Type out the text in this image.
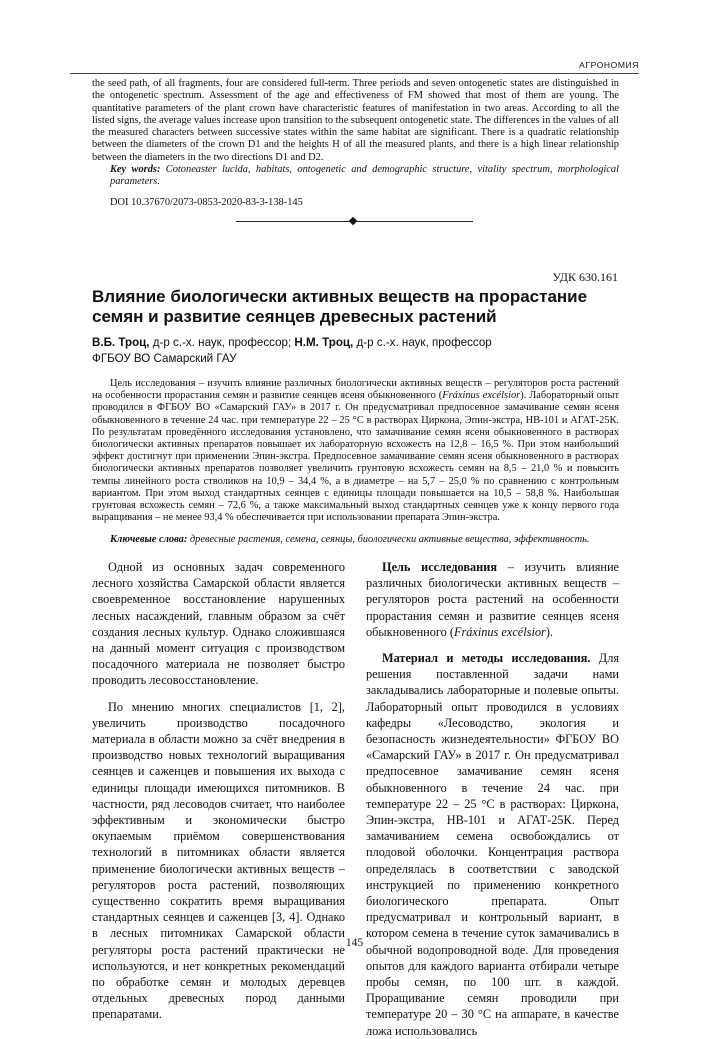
АГРОНОМИЯ

the seed path, of all fragments, four are considered full-term. Three periods and seven ontogenetic states are distinguished in the ontogenetic spectrum. Assessment of the age and effectiveness of FM showed that most of them are young. The quantitative parameters of the plant crown have characteristic features of manifestation in two areas. According to all the listed signs, the average values increase upon transition to the subsequent ontogenetic state. The differences in the values of all the measured characters between successive states within the same habitat are significant. There is a quadratic relationship between the diameters of the crown D1 and the heights H of all the measured plants, and there is a high linear relationship between the diameters in the two directions D1 and D2.

Key words: Cotoneaster lucida, habitats, ontogenetic and demographic structure, vitality spectrum, morphological parameters.

DOI 10.37670/2073-0853-2020-83-3-138-145

УДК 630.161
Влияние биологически активных веществ на прорастание семян и развитие сеянцев древесных растений
В.Б. Троц, д-р с.-х. наук, профессор; Н.М. Троц, д-р с.-х. наук, профессор
ФГБОУ ВО Самарский ГАУ

Цель исследования – изучить влияние различных биологически активных веществ – регуляторов роста растений на особенности прорастания семян и развитие сеянцев ясеня обыкновенного (Fráxinus excélsior). Лабораторный опыт проводился в ФГБОУ ВО «Самарский ГАУ» в 2017 г. Он предусматривал предпосевное замачивание семян ясеня обыкновенного в течение 24 час. при температуре 22 – 25 °C в растворах Циркона, Эпин-экстра, НВ-101 и АГАТ-25К. По результатам проведённого исследования установлено, что замачивание семян ясеня обыкновенного в растворах биологически активных препаратов повышает их лабораторную всхожесть на 12,8 – 16,5 %. При этом наибольший эффект достигнут при применении Эпин-экстра. Предпосевное замачивание семян ясеня обыкновенного в растворах биологически активных препаратов позволяет увеличить грунтовую всхожесть семян на 8,5 – 21,0 % и повысить темпы линейного роста стволиков на 10,9 – 34,4 %, а в диаметре – на 5,7 – 25,0 % по сравнению с контрольным вариантом. При этом выход стандартных сеянцев с единицы площади повышается на 10,5 – 58,8 %. Наибольшая грунтовая всхожесть семян – 72,6 %, а также максимальный выход стандартных сеянцев уже к концу первого года выращивания – не менее 93,4 % обеспечивается при использовании препарата Эпин-экстра.

Ключевые слова: древесные растения, семена, сеянцы, биологически активные вещества, эффективность.

Одной из основных задач современного лесного хозяйства Самарской области является своевременное восстановление нарушенных лесных насаждений, главным образом за счёт создания лесных культур. Однако сложившаяся на данный момент ситуация с производством посадочного материала не позволяет быстро проводить лесовосстановление.

По мнению многих специалистов [1, 2], увеличить производство посадочного материала в области можно за счёт внедрения в производство новых технологий выращивания сеянцев и саженцев и повышения их выхода с единицы площади имеющихся питомников. В частности, ряд лесоводов считает, что наиболее эффективным и экономически быстро окупаемым приёмом совершенствования технологий в питомниках области является применение биологически активных веществ – регуляторов роста растений, позволяющих существенно сократить время выращивания стандартных сеянцев и саженцев [3, 4]. Однако в лесных питомниках Самарской области регуляторы роста растений практически не используются, и нет конкретных рекомендаций по обработке семян и молодых деревцев отдельных древесных пород данными препаратами.

Цель исследования – изучить влияние различных биологически активных веществ – регуляторов роста растений на особенности прорастания семян и развитие сеянцев ясеня обыкновенного (Fráxinus excélsior).

Материал и методы исследования. Для решения поставленной задачи нами закладывались лабораторные и полевые опыты. Лабораторный опыт проводился в условиях кафедры «Лесоводство, экология и безопасность жизнедеятельности» ФГБОУ ВО «Самарский ГАУ» в 2017 г. Он предусматривал предпосевное замачивание семян ясеня обыкновенного в течение 24 час. при температуре 22 – 25 °C в растворах: Циркона, Эпин-экстра, НВ-101 и АГАТ-25К. Перед замачиванием семена освобождались от плодовой оболочки. Концентрация раствора определялась в соответствии с заводской инструкцией по применению конкретного биологического препарата. Опыт предусматривал и контрольный вариант, в котором семена в течение суток замачивались в обычной водопроводной воде. Для проведения опытов для каждого варианта отбирали четыре пробы семян, по 100 шт. в каждой. Проращивание семян проводили при температуре 20 – 30 °C на аппарате, в качестве ложа использовались

145
